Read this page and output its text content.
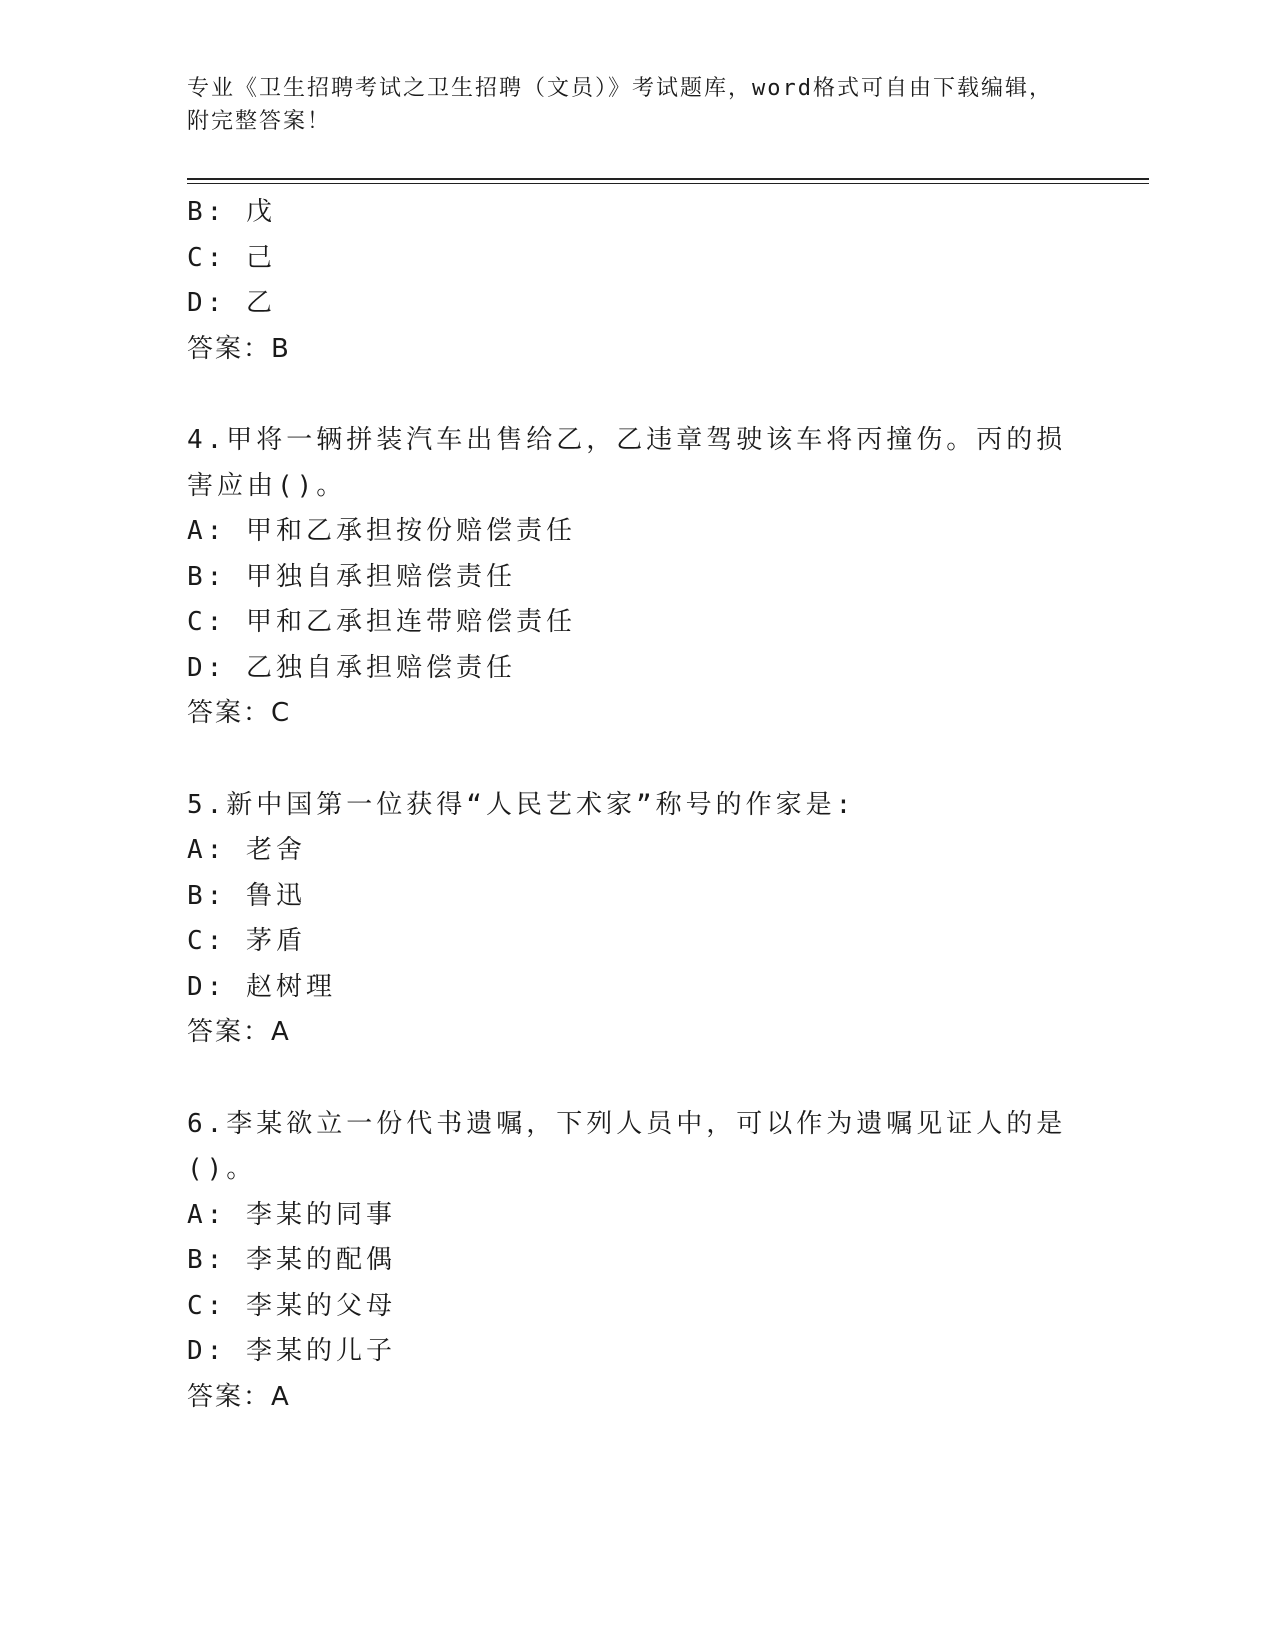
专业《卫生招聘考试之卫生招聘（文员）》考试题库，word格式可自由下载编辑，附完整答案！

B: 戊
C: 己
D: 乙
答案：B
4.甲将一辆拼装汽车出售给乙，乙违章驾驶该车将丙撞伤。丙的损害应由()。
A: 甲和乙承担按份赔偿责任
B: 甲独自承担赔偿责任
C: 甲和乙承担连带赔偿责任
D: 乙独自承担赔偿责任
答案：C
5.新中国第一位获得“人民艺术家”称号的作家是:
A: 老舍
B: 鲁迅
C: 茅盾
D: 赵树理
答案：A
6.李某欲立一份代书遗嘱，下列人员中，可以作为遗嘱见证人的是()。
A: 李某的同事
B: 李某的配偶
C: 李某的父母
D: 李某的儿子
答案：A
